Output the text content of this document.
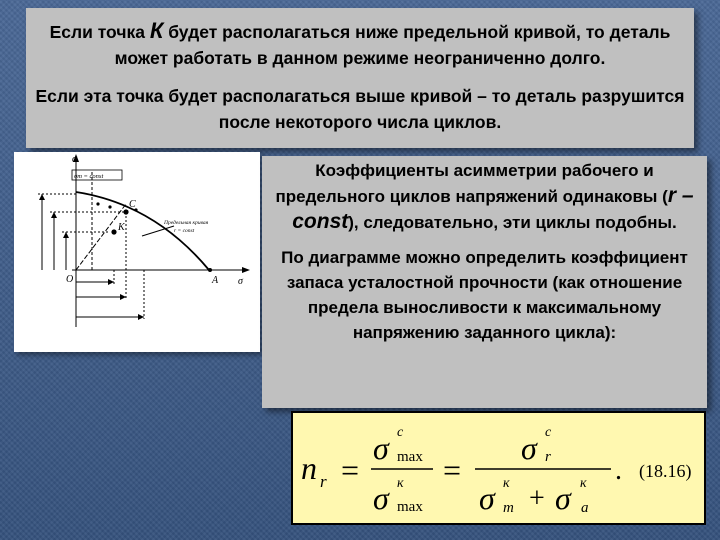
Если точка К будет располагаться ниже предельной кривой, то деталь может работать в данном режиме неограниченно долго.

Если эта точка будет располагаться выше кривой – то деталь разрушится после некоторого числа циклов.

σ
σ
C
K
A
O
σm = const
Предельная кривая
r = const

Коэффициенты асимметрии рабочего и предельного циклов напряжений одинаковы (r – const), следовательно, эти циклы подобны.

По диаграмме можно определить коэффициент запаса усталостной прочности (как отношение предела выносливости к максимальному напряжению заданного цикла):

n r =
σ c
max
σ к
max
=
σ c
r
σ к
m + σ к
a
. (18.16)
